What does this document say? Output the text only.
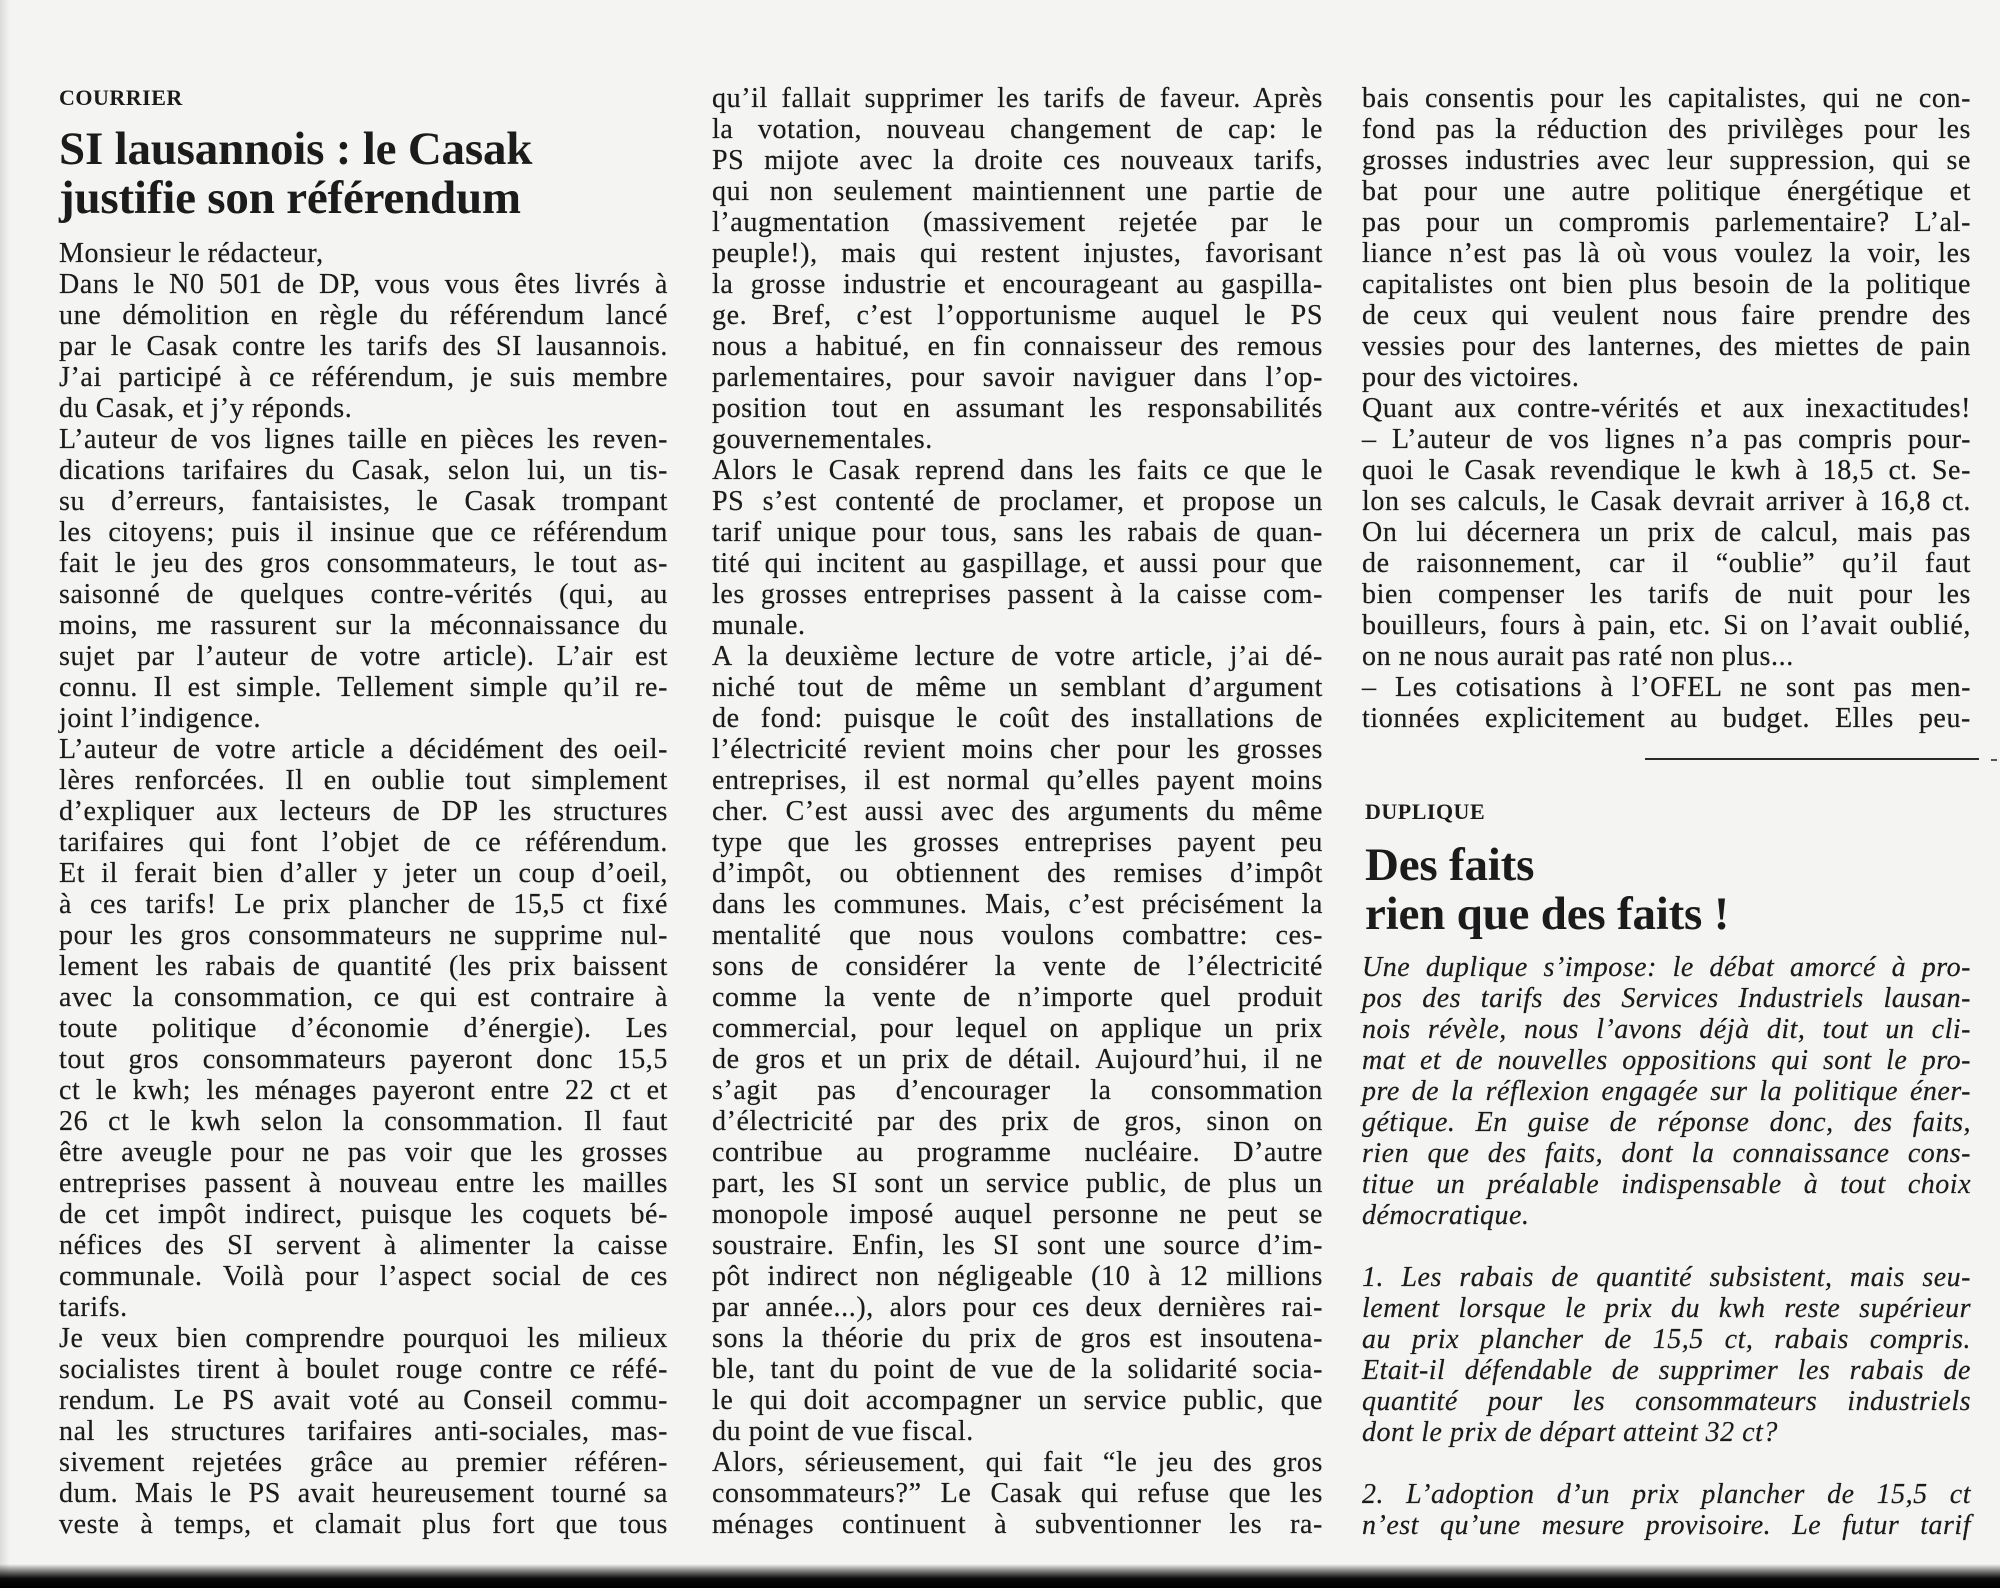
COURRIER
SI lausannois : le Casak
justifie son référendum
Monsieur le rédacteur,
Dans le N0 501 de DP, vous vous êtes livrés à
une démolition en règle du référendum lancé
par le Casak contre les tarifs des SI lausannois.
J’ai participé à ce référendum, je suis membre
du Casak, et j’y réponds.
L’auteur de vos lignes taille en pièces les reven-
dications tarifaires du Casak, selon lui, un tis-
su d’erreurs, fantaisistes, le Casak trompant
les citoyens; puis il insinue que ce référendum
fait le jeu des gros consommateurs, le tout as-
saisonné de quelques contre-vérités (qui, au
moins, me rassurent sur la méconnaissance du
sujet par l’auteur de votre article). L’air est
connu. Il est simple. Tellement simple qu’il re-
joint l’indigence.
L’auteur de votre article a décidément des oeil-
lères renforcées. Il en oublie tout simplement
d’expliquer aux lecteurs de DP les structures
tarifaires qui font l’objet de ce référendum.
Et il ferait bien d’aller y jeter un coup d’oeil,
à ces tarifs! Le prix plancher de 15,5 ct fixé
pour les gros consommateurs ne supprime nul-
lement les rabais de quantité (les prix baissent
avec la consommation, ce qui est contraire à
toute politique d’économie d’énergie). Les
tout gros consommateurs payeront donc 15,5
ct le kwh; les ménages payeront entre 22 ct et
26 ct le kwh selon la consommation. Il faut
être aveugle pour ne pas voir que les grosses
entreprises passent à nouveau entre les mailles
de cet impôt indirect, puisque les coquets bé-
néfices des SI servent à alimenter la caisse
communale. Voilà pour l’aspect social de ces
tarifs.
Je veux bien comprendre pourquoi les milieux
socialistes tirent à boulet rouge contre ce réfé-
rendum. Le PS avait voté au Conseil commu-
nal les structures tarifaires anti-sociales, mas-
sivement rejetées grâce au premier référen-
dum. Mais le PS avait heureusement tourné sa
veste à temps, et clamait plus fort que tous
qu’il fallait supprimer les tarifs de faveur. Après
la votation, nouveau changement de cap: le
PS mijote avec la droite ces nouveaux tarifs,
qui non seulement maintiennent une partie de
l’augmentation (massivement rejetée par le
peuple!), mais qui restent injustes, favorisant
la grosse industrie et encourageant au gaspilla-
ge. Bref, c’est l’opportunisme auquel le PS
nous a habitué, en fin connaisseur des remous
parlementaires, pour savoir naviguer dans l’op-
position tout en assumant les responsabilités
gouvernementales.
Alors le Casak reprend dans les faits ce que le
PS s’est contenté de proclamer, et propose un
tarif unique pour tous, sans les rabais de quan-
tité qui incitent au gaspillage, et aussi pour que
les grosses entreprises passent à la caisse com-
munale.
A la deuxième lecture de votre article, j’ai dé-
niché tout de même un semblant d’argument
de fond: puisque le coût des installations de
l’électricité revient moins cher pour les grosses
entreprises, il est normal qu’elles payent moins
cher. C’est aussi avec des arguments du même
type que les grosses entreprises payent peu
d’impôt, ou obtiennent des remises d’impôt
dans les communes. Mais, c’est précisément la
mentalité que nous voulons combattre: ces-
sons de considérer la vente de l’électricité
comme la vente de n’importe quel produit
commercial, pour lequel on applique un prix
de gros et un prix de détail. Aujourd’hui, il ne
s’agit pas d’encourager la consommation
d’électricité par des prix de gros, sinon on
contribue au programme nucléaire. D’autre
part, les SI sont un service public, de plus un
monopole imposé auquel personne ne peut se
soustraire. Enfin, les SI sont une source d’im-
pôt indirect non négligeable (10 à 12 millions
par année...), alors pour ces deux dernières rai-
sons la théorie du prix de gros est insoutena-
ble, tant du point de vue de la solidarité socia-
le qui doit accompagner un service public, que
du point de vue fiscal.
Alors, sérieusement, qui fait “le jeu des gros
consommateurs?” Le Casak qui refuse que les
ménages continuent à subventionner les ra-
bais consentis pour les capitalistes, qui ne con-
fond pas la réduction des privilèges pour les
grosses industries avec leur suppression, qui se
bat pour une autre politique énergétique et
pas pour un compromis parlementaire? L’al-
liance n’est pas là où vous voulez la voir, les
capitalistes ont bien plus besoin de la politique
de ceux qui veulent nous faire prendre des
vessies pour des lanternes, des miettes de pain
pour des victoires.
Quant aux contre-vérités et aux inexactitudes!
– L’auteur de vos lignes n’a pas compris pour-
quoi le Casak revendique le kwh à 18,5 ct. Se-
lon ses calculs, le Casak devrait arriver à 16,8 ct.
On lui décernera un prix de calcul, mais pas
de raisonnement, car il “oublie” qu’il faut
bien compenser les tarifs de nuit pour les
bouilleurs, fours à pain, etc. Si on l’avait oublié,
on ne nous aurait pas raté non plus...
– Les cotisations à l’OFEL ne sont pas men-
tionnées explicitement au budget. Elles peu-
DUPLIQUE
Des faits
rien que des faits !
Une duplique s’impose: le débat amorcé à pro-
pos des tarifs des Services Industriels lausan-
nois révèle, nous l’avons déjà dit, tout un cli-
mat et de nouvelles oppositions qui sont le pro-
pre de la réflexion engagée sur la politique éner-
gétique. En guise de réponse donc, des faits,
rien que des faits, dont la connaissance cons-
titue un préalable indispensable à tout choix
démocratique.
1. Les rabais de quantité subsistent, mais seu-
lement lorsque le prix du kwh reste supérieur
au prix plancher de 15,5 ct, rabais compris.
Etait-il défendable de supprimer les rabais de
quantité pour les consommateurs industriels
dont le prix de départ atteint 32 ct?
2. L’adoption d’un prix plancher de 15,5 ct
n’est qu’une mesure provisoire. Le futur tarif
